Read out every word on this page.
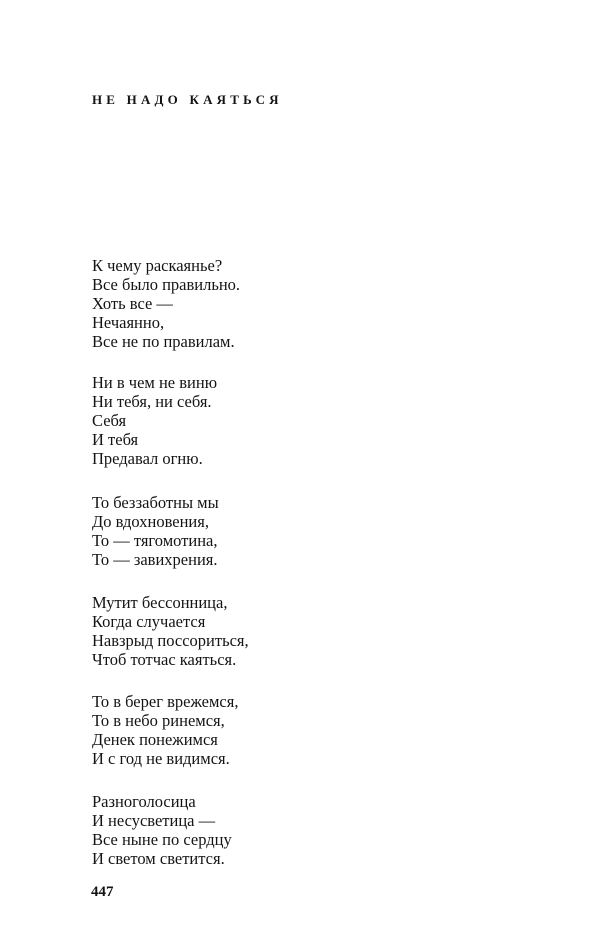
НЕ НАДО КАЯТЬСЯ
К чему раскаянье?
Все было правильно.
Хоть все —
Нечаянно,
Все не по правилам.
Ни в чем не виню
Ни тебя, ни себя.
Себя
И тебя
Предавал огню.
То беззаботны мы
До вдохновения,
То — тягомотина,
То — завихрения.
Мутит бессонница,
Когда случается
Навзрыд поссориться,
Чтоб тотчас каяться.
То в берег врежемся,
То в небо ринемся,
Денек понежимся
И с год не видимся.
Разноголосица
И несусветица —
Все ныне по сердцу
И светом светится.
447
